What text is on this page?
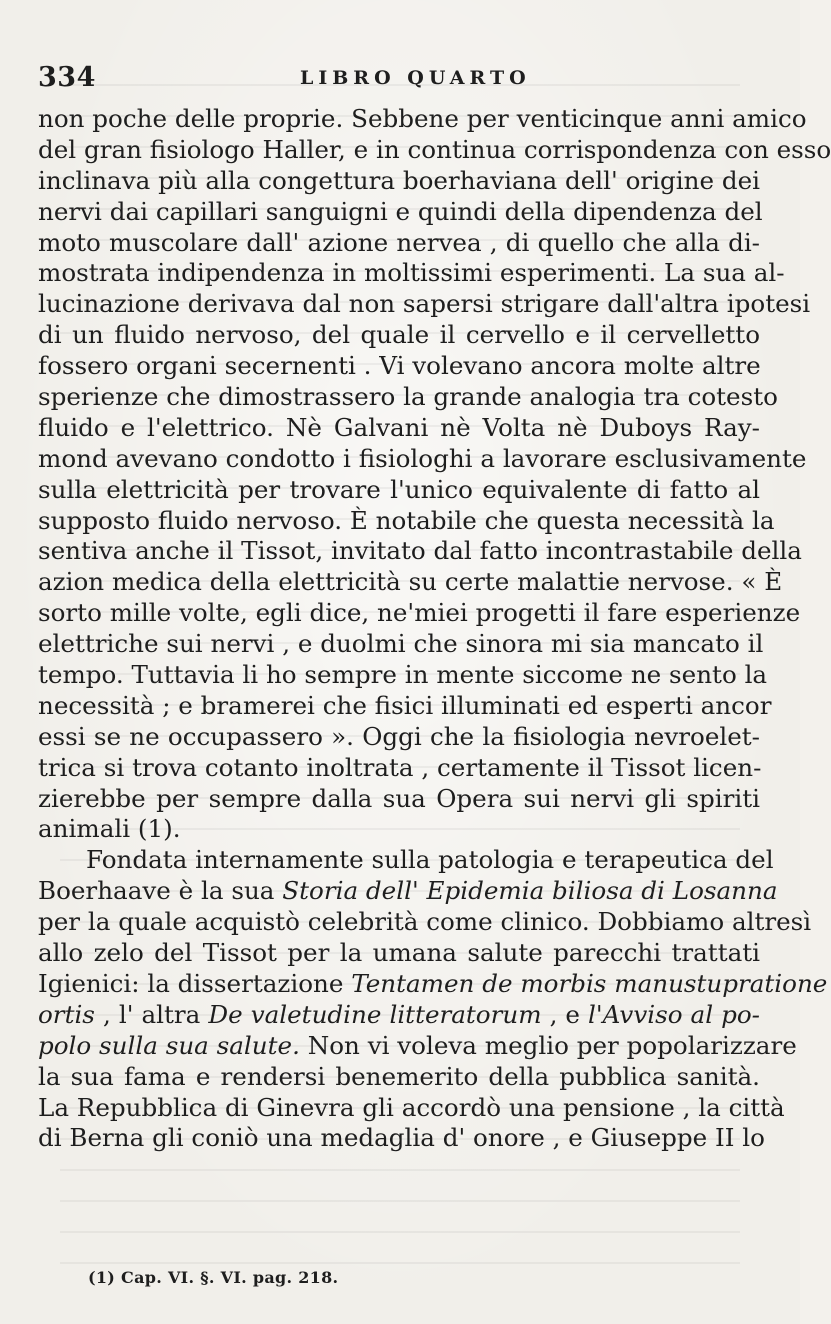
334	LIBRO QUARTO
non poche delle proprie. Sebbene per venticinque anni amico
del gran fisiologo Haller, e in continua corrispondenza con esso
inclinava più alla congettura boerhaviana dell' origine dei
nervi dai capillari sanguigni e quindi della dipendenza del
moto muscolare dall' azione nervea , di quello che alla di-
mostrata indipendenza in moltissimi esperimenti. La sua al-
lucinazione derivava dal non sapersi strigare dall'altra ipotesi
di un fluido nervoso, del quale il cervello e il cervelletto
fossero organi secernenti . Vi volevano ancora molte altre
sperienze che dimostrassero la grande analogia tra cotesto
fluido e l'elettrico. Nè Galvani nè Volta nè Duboys Ray-
mond avevano condotto i fisiologhi a lavorare esclusivamente
sulla elettricità per trovare l'unico equivalente di fatto al
supposto fluido nervoso. È notabile che questa necessità la
sentiva anche il Tissot, invitato dal fatto incontrastabile della
azion medica della elettricità su certe malattie nervose. « È
sorto mille volte, egli dice, ne'miei progetti il fare esperienze
elettriche sui nervi , e duolmi che sinora mi sia mancato il
tempo. Tuttavia li ho sempre in mente siccome ne sento la
necessità ; e bramerei che fisici illuminati ed esperti ancor
essi se ne occupassero ». Oggi che la fisiologia nevroelet-
trica si trova cotanto inoltrata , certamente il Tissot licen-
zierebbe per sempre dalla sua Opera sui nervi gli spiriti
animali (1).
Fondata internamente sulla patologia e terapeutica del
Boerhaave è la sua Storia dell' Epidemia biliosa di Losanna
per la quale acquistò celebrità come clinico. Dobbiamo altresì
allo zelo del Tissot per la umana salute parecchi trattati
Igienici: la dissertazione Tentamen de morbis manustupratione
ortis , l' altra De valetudine litteratorum , e l'Avviso al po-
polo sulla sua salute. Non vi voleva meglio per popolarizzare
la sua fama e rendersi benemerito della pubblica sanità.
La Repubblica di Ginevra gli accordò una pensione , la città
di Berna gli coniò una medaglia d' onore , e Giuseppe II lo
(1) Cap. VI. §. VI. pag. 218.
